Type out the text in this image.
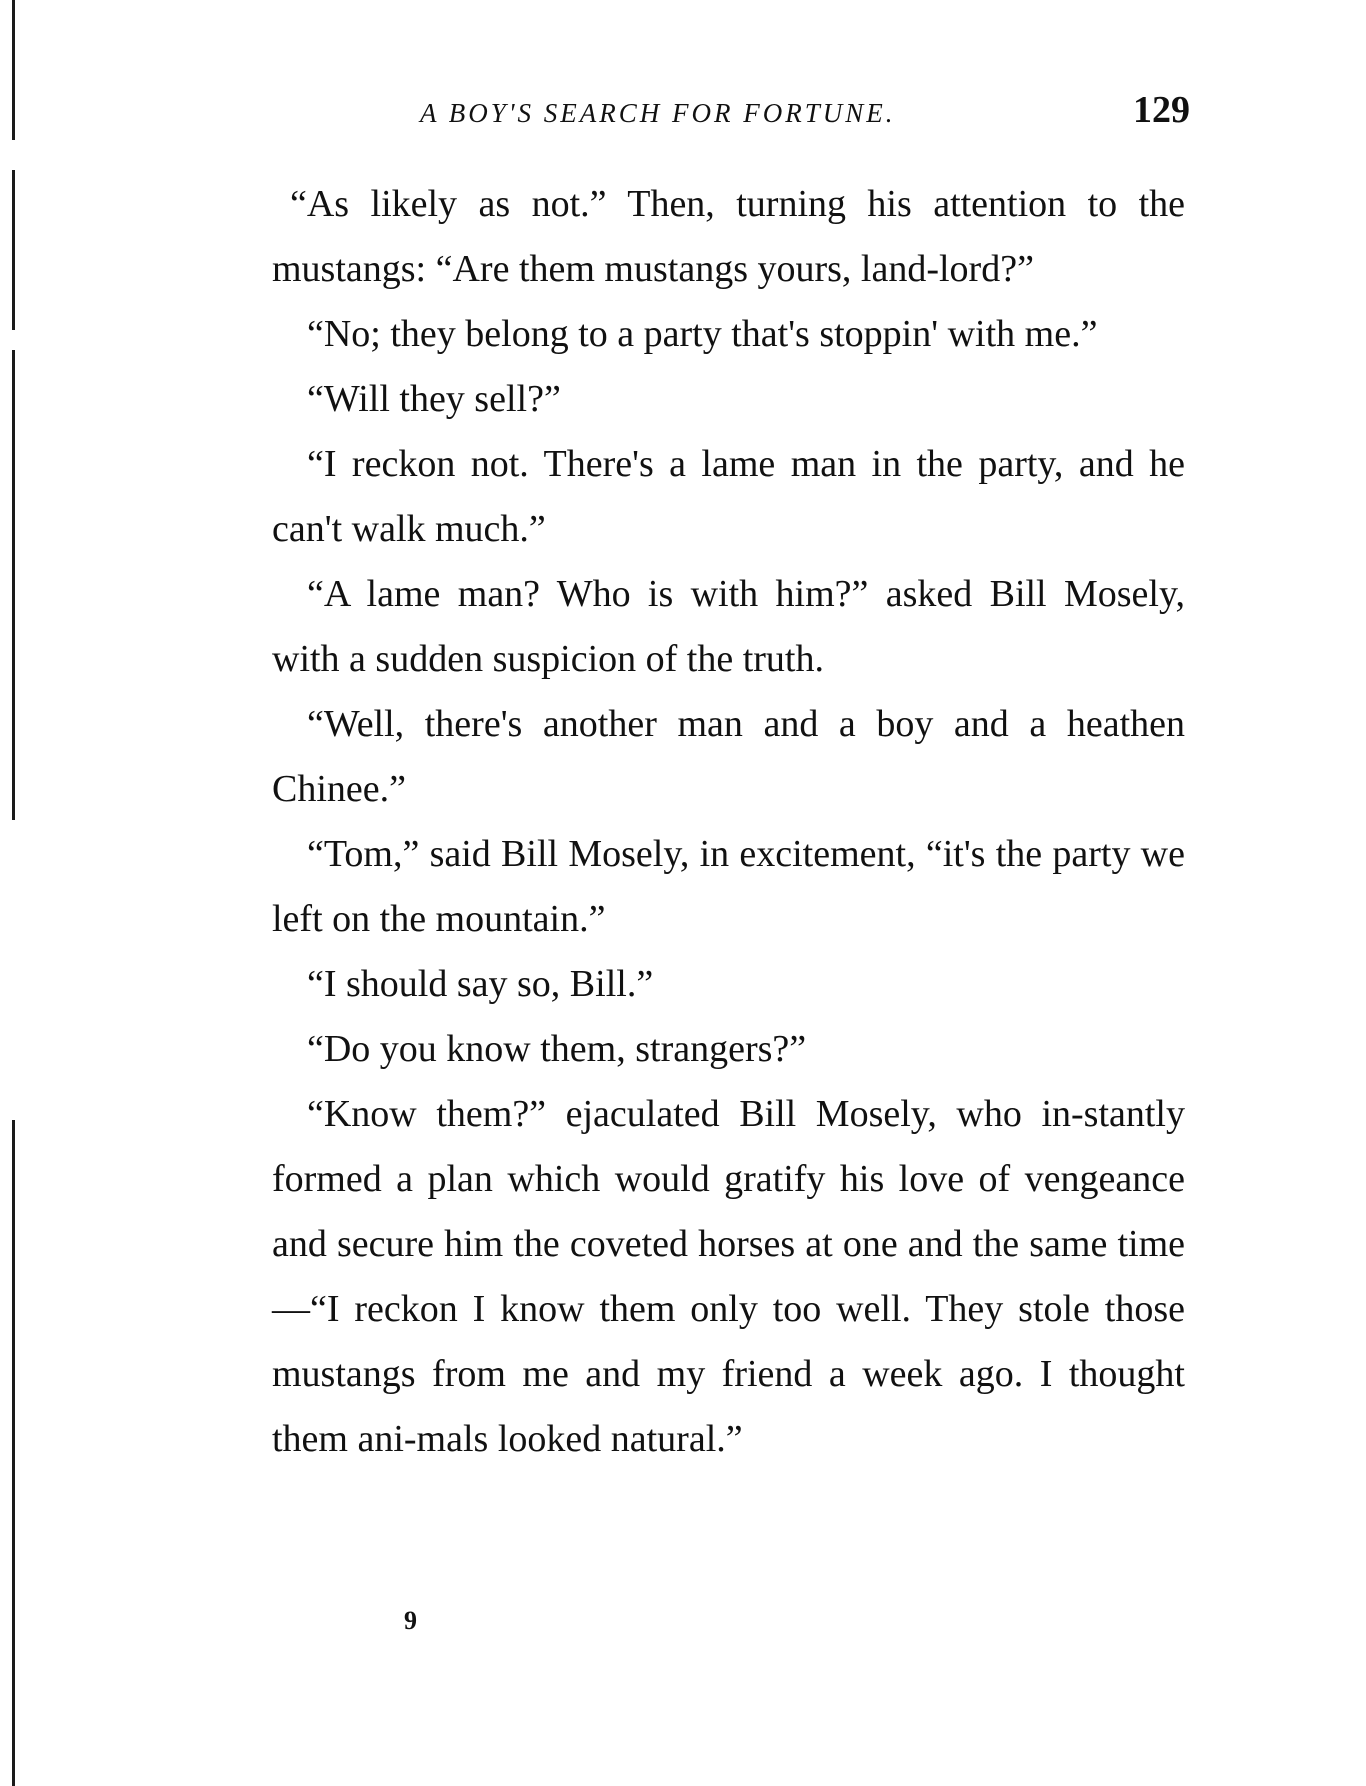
A BOY'S SEARCH FOR FORTUNE.	129

“As likely as not.” Then, turning his attention to the mustangs: “Are them mustangs yours, land-lord?”

“No; they belong to a party that's stoppin' with me.”

“Will they sell?”

“I reckon not. There's a lame man in the party, and he can't walk much.”

“A lame man? Who is with him?” asked Bill Mosely, with a sudden suspicion of the truth.

“Well, there's another man and a boy and a heathen Chinee.”

“Tom,” said Bill Mosely, in excitement, “it's the party we left on the mountain.”

“I should say so, Bill.”

“Do you know them, strangers?”

“Know them?” ejaculated Bill Mosely, who in-stantly formed a plan which would gratify his love of vengeance and secure him the coveted horses at one and the same time—“I reckon I know them only too well. They stole those mustangs from me and my friend a week ago. I thought them ani-mals looked natural.”

9
